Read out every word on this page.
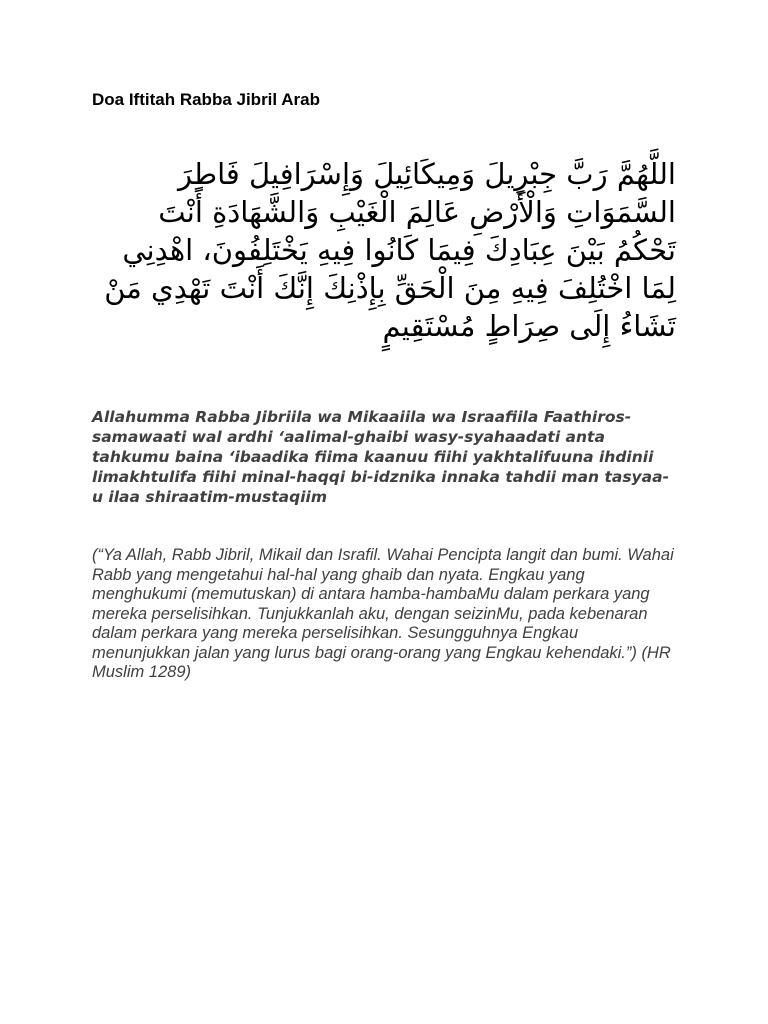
Doa Iftitah Rabba Jibril Arab
اللَّهُمَّ رَبَّ جِبْرِيلَ وَمِيكَائِيلَ وَإِسْرَافِيلَ فَاطِرَ السَّمَوَاتِ وَالْأَرْضِ عَالِمَ الْغَيْبِ وَالشَّهَادَةِ أَنْتَ تَحْكُمُ بَيْنَ عِبَادِكَ فِيمَا كَانُوا فِيهِ يَخْتَلِفُونَ، اهْدِنِي لِمَا اخْتُلِفَ فِيهِ مِنَ الْحَقِّ بِإِذْنِكَ إِنَّكَ أَنْتَ تَهْدِي مَنْ تَشَاءُ إِلَى صِرَاطٍ مُسْتَقِيمٍ
Allahumma Rabba Jibriila wa Mikaaiila wa Israafiila Faathiros-samawaati wal ardhi ‘aalimal-ghaibi wasy-syahaadati anta tahkumu baina ‘ibaadika fiima kaanuu fiihi yakhtalifuuna ihdinii limakhtulifa fiihi minal-haqqi bi-idznika innaka tahdii man tasyaa-u ilaa shiraatim-mustaqiim
(“Ya Allah, Rabb Jibril, Mikail dan Israfil. Wahai Pencipta langit dan bumi. Wahai Rabb yang mengetahui hal-hal yang ghaib dan nyata. Engkau yang menghukumi (memutuskan) di antara hamba-hambaMu dalam perkara yang mereka perselisihkan. Tunjukkanlah aku, dengan seizinMu, pada kebenaran dalam perkara yang mereka perselisihkan. Sesungguhnya Engkau menunjukkan jalan yang lurus bagi orang-orang yang Engkau kehendaki.”) (HR Muslim 1289)
